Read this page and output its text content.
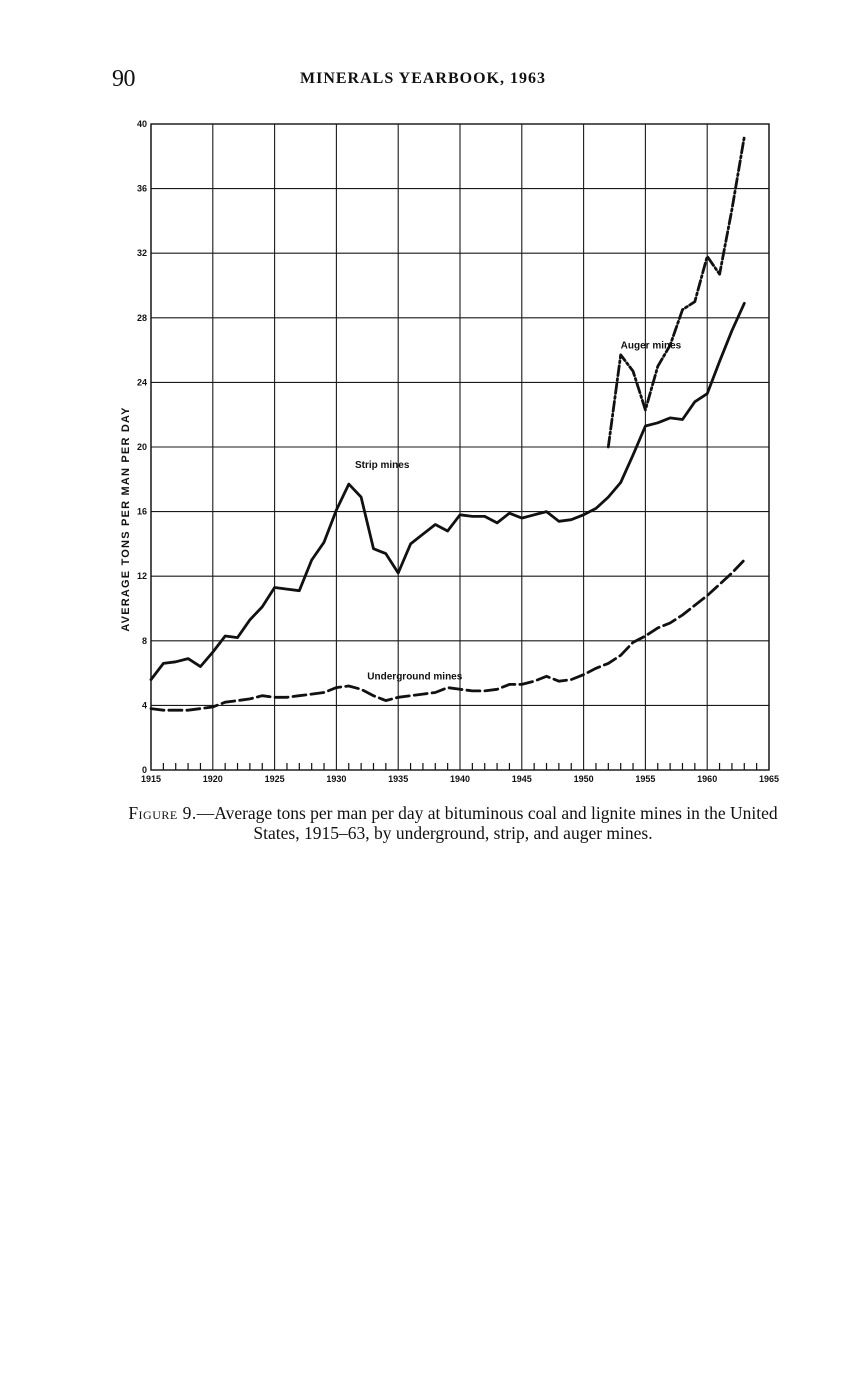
90	MINERALS YEARBOOK, 1963
1915	1920	1925	1930	1935	1940	1945	1950	1955	1960	1965
0
4
8
12
16
20
24
28
32
36
40
Strip mines
Auger mines
Underground mines
AVERAGE TONS PER MAN PER DAY
Figure 9.—Average tons per man per day at bituminous coal and lignite mines in the United States, 1915–63, by underground, strip, and auger mines.
